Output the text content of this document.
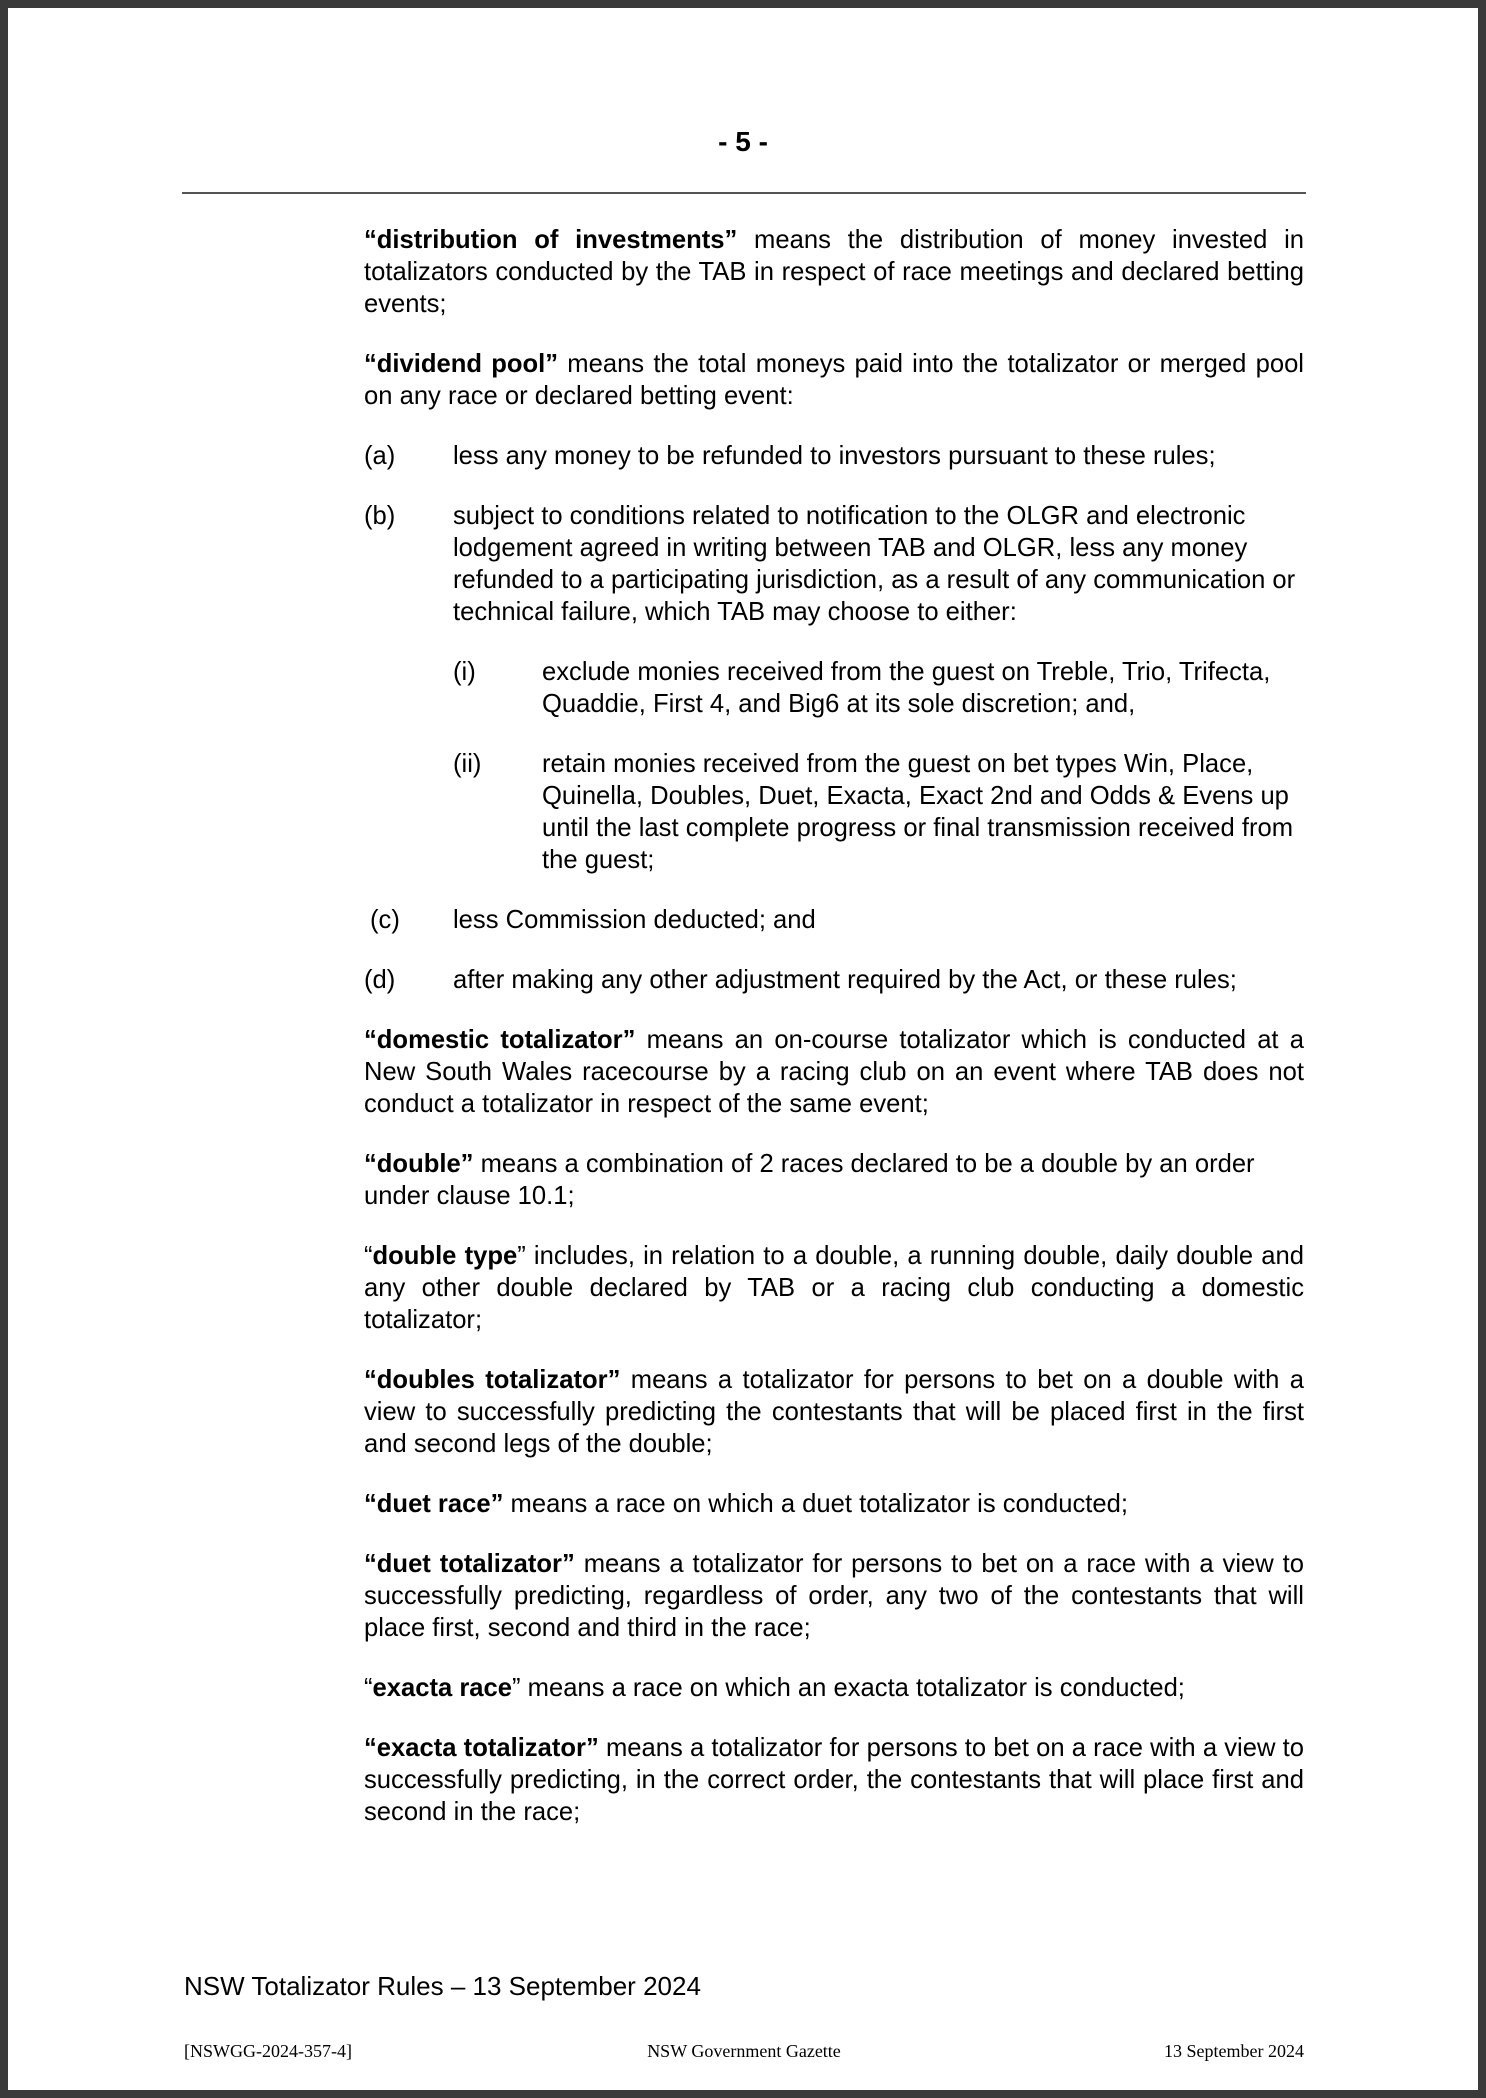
- 5 -

“distribution of investments” means the distribution of money invested in totalizators conducted by the TAB in respect of race meetings and declared betting events;

“dividend pool” means the total moneys paid into the totalizator or merged pool on any race or declared betting event:

(a) less any money to be refunded to investors pursuant to these rules;
(b) subject to conditions related to notification to the OLGR and electronic lodgement agreed in writing between TAB and OLGR, less any money refunded to a participating jurisdiction, as a result of any communication or technical failure, which TAB may choose to either:
(i)	exclude monies received from the guest on Treble, Trio, Trifecta, Quaddie, First 4, and Big6 at its sole discretion; and,
(ii) retain monies received from the guest on bet types Win, Place, Quinella, Doubles, Duet, Exacta, Exact 2nd and Odds & Evens up until the last complete progress or final transmission received from the guest;
(c) less Commission deducted; and
(d) after making any other adjustment required by the Act, or these rules;

“domestic totalizator” means an on-course totalizator which is conducted at a New South Wales racecourse by a racing club on an event where TAB does not conduct a totalizator in respect of the same event;

“double” means a combination of 2 races declared to be a double by an order under clause 10.1;

“double type” includes, in relation to a double, a running double, daily double and any other double declared by TAB or a racing club conducting a domestic totalizator;

“doubles totalizator” means a totalizator for persons to bet on a double with a view to successfully predicting the contestants that will be placed first in the first and second legs of the double;

“duet race” means a race on which a duet totalizator is conducted;

“duet totalizator” means a totalizator for persons to bet on a race with a view to successfully predicting, regardless of order, any two of the contestants that will place first, second and third in the race;

“exacta race” means a race on which an exacta totalizator is conducted;

“exacta totalizator” means a totalizator for persons to bet on a race with a view to successfully predicting, in the correct order, the contestants that will place first and second in the race;

NSW Totalizator Rules – 13 September 2024
NSW Government Gazette
[NSWGG-2024-357-4]	13 September 2024
